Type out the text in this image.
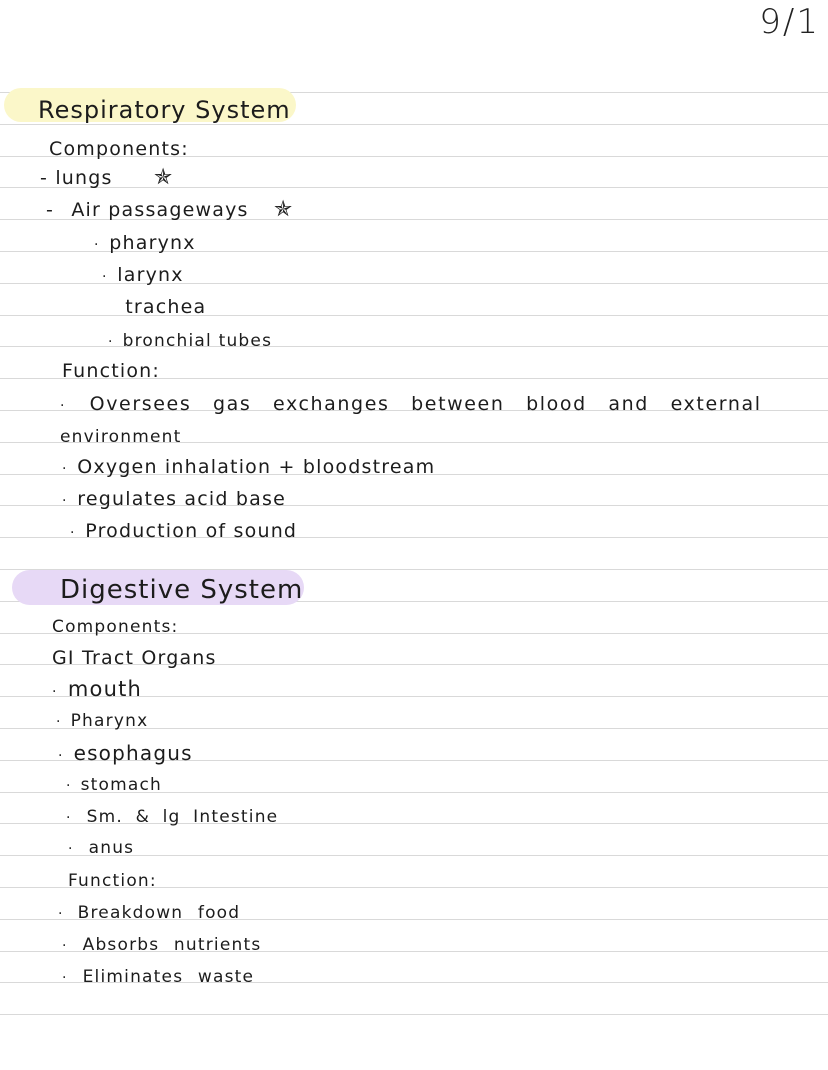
9/1
Respiratory System
Components:
- lungs ✯
- Air passageways ✯
· pharynx
· larynx
trachea
· bronchial tubes
Function:
· Oversees gas exchanges between blood and external
environment
· Oxygen inhalation + bloodstream
· regulates acid base
· Production of sound
Digestive System
Components:
GI Tract Organs
· mouth
· Pharynx
· esophagus
· stomach
· Sm. & lg Intestine
· anus
Function:
· Breakdown food
· Absorbs nutrients
· Eliminates waste
